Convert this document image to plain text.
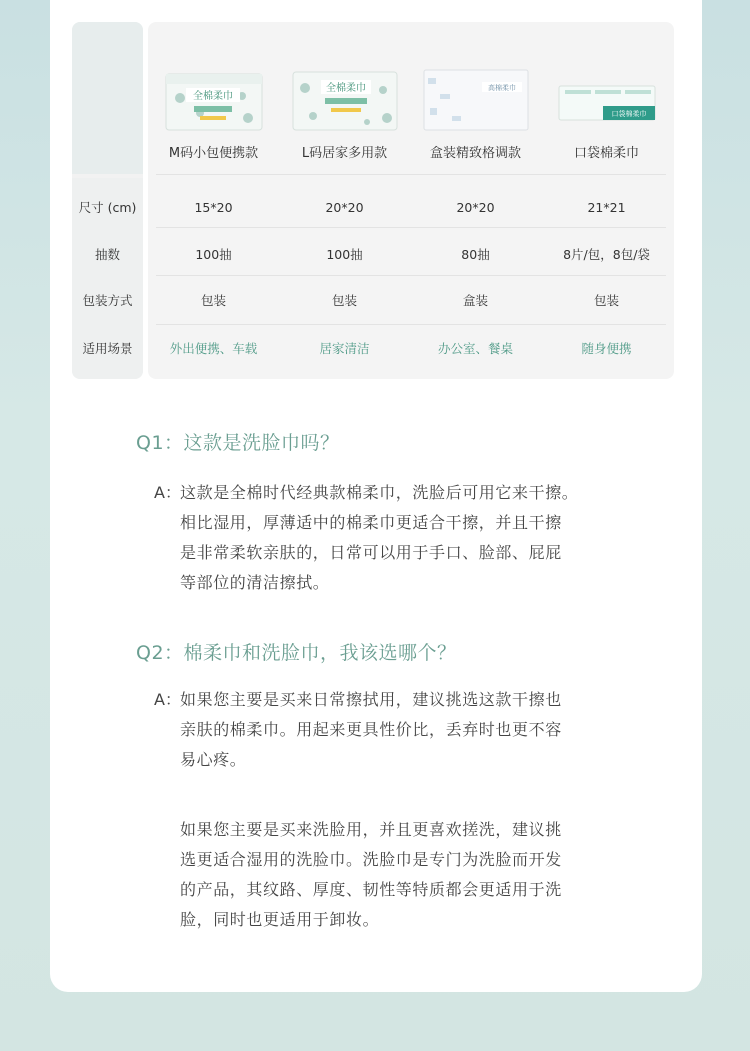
尺寸 (cm)
抽数
包装方式
适用场景
全棉柔巾
M码小包便携款
15*20
100抽
包装
外出便携、车载
全棉柔巾
L码居家多用款
20*20
100抽
包装
居家清洁
高棉柔巾
盒装精致格调款
20*20
80抽
盒装
办公室、餐桌
口袋棉柔巾
口袋棉柔巾
21*21
8片/包，8包/袋
包装
随身便携
Q1：这款是洗脸巾吗？
A： 这款是全棉时代经典款棉柔巾，洗脸后可用它来干擦。
相比湿用，厚薄适中的棉柔巾更适合干擦，并且干擦
是非常柔软亲肤的，日常可以用于手口、脸部、屁屁
等部位的清洁擦拭。
Q2：棉柔巾和洗脸巾，我该选哪个？
A： 如果您主要是买来日常擦拭用，建议挑选这款干擦也
亲肤的棉柔巾。用起来更具性价比，丢弃时也更不容
易心疼。
如果您主要是买来洗脸用，并且更喜欢搓洗，建议挑
选更适合湿用的洗脸巾。洗脸巾是专门为洗脸而开发
的产品，其纹路、厚度、韧性等特质都会更适用于洗
脸，同时也更适用于卸妆。
